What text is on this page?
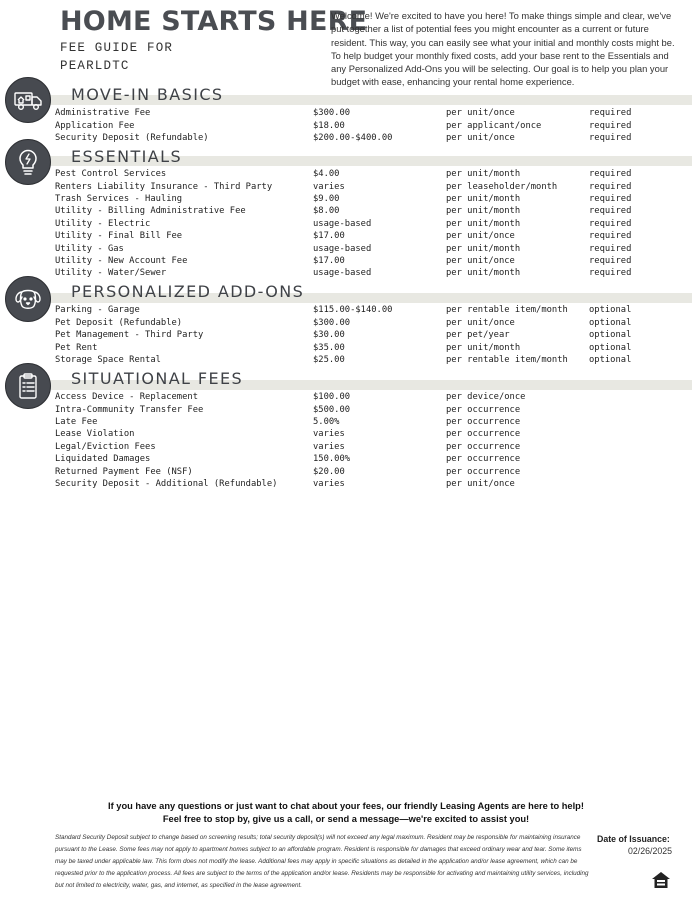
HOME STARTS HERE
FEE GUIDE FOR
PEARLDTC
Welcome! We're excited to have you here! To make things simple and clear, we've put together a list of potential fees you might encounter as a current or future resident. This way, you can easily see what your initial and monthly costs might be. To help budget your monthly fixed costs, add your base rent to the Essentials and any Personalized Add-Ons you will be selecting. Our goal is to help you plan your budget with ease, enhancing your rental home experience.
MOVE-IN BASICS
Administrative Fee	$300.00	per unit/once	required
Application Fee	$18.00	per applicant/once	required
Security Deposit (Refundable)	$200.00-$400.00	per unit/once	required
ESSENTIALS
Pest Control Services	$4.00	per unit/month	required
Renters Liability Insurance - Third Party	varies	per leaseholder/month	required
Trash Services - Hauling	$9.00	per unit/month	required
Utility - Billing Administrative Fee	$8.00	per unit/month	required
Utility - Electric	usage-based	per unit/month	required
Utility - Final Bill Fee	$17.00	per unit/once	required
Utility - Gas	usage-based	per unit/month	required
Utility - New Account Fee	$17.00	per unit/once	required
Utility - Water/Sewer	usage-based	per unit/month	required
PERSONALIZED ADD-ONS
Parking - Garage	$115.00-$140.00	per rentable item/month optional
Pet Deposit (Refundable)	$300.00	per unit/once	optional
Pet Management - Third Party	$30.00	per pet/year	optional
Pet Rent	$35.00	per unit/month	optional
Storage Space Rental	$25.00	per rentable item/month optional
SITUATIONAL FEES
Access Device - Replacement	$100.00	per device/once
Intra-Community Transfer Fee	$500.00	per occurrence
Late Fee	5.00%	per occurrence
Lease Violation	varies	per occurrence
Legal/Eviction Fees	varies	per occurrence
Liquidated Damages	150.00%	per occurrence
Returned Payment Fee (NSF)	$20.00	per occurrence
Security Deposit - Additional (Refundable)	varies	per unit/once
If you have any questions or just want to chat about your fees, our friendly Leasing Agents are here to help!
Feel free to stop by, give us a call, or send a message—we're excited to assist you!
Standard Security Deposit subject to change based on screening results; total security deposit(s) will not exceed any legal maximum. Resident may be responsible for maintaining insurance pursuant to the Lease. Some fees may not apply to apartment homes subject to an affordable program. Resident is responsible for damages that exceed ordinary wear and tear. Some items may be taxed under applicable law. This form does not modify the lease. Additional fees may apply in specific situations as detailed in the application and/or lease agreement, which can be requested prior to the application process. All fees are subject to the terms of the application and/or lease. Residents may be responsible for activating and maintaining utility services, including but not limited to electricity, water, gas, and internet, as specified in the lease agreement.
Date of Issuance:
02/26/2025
